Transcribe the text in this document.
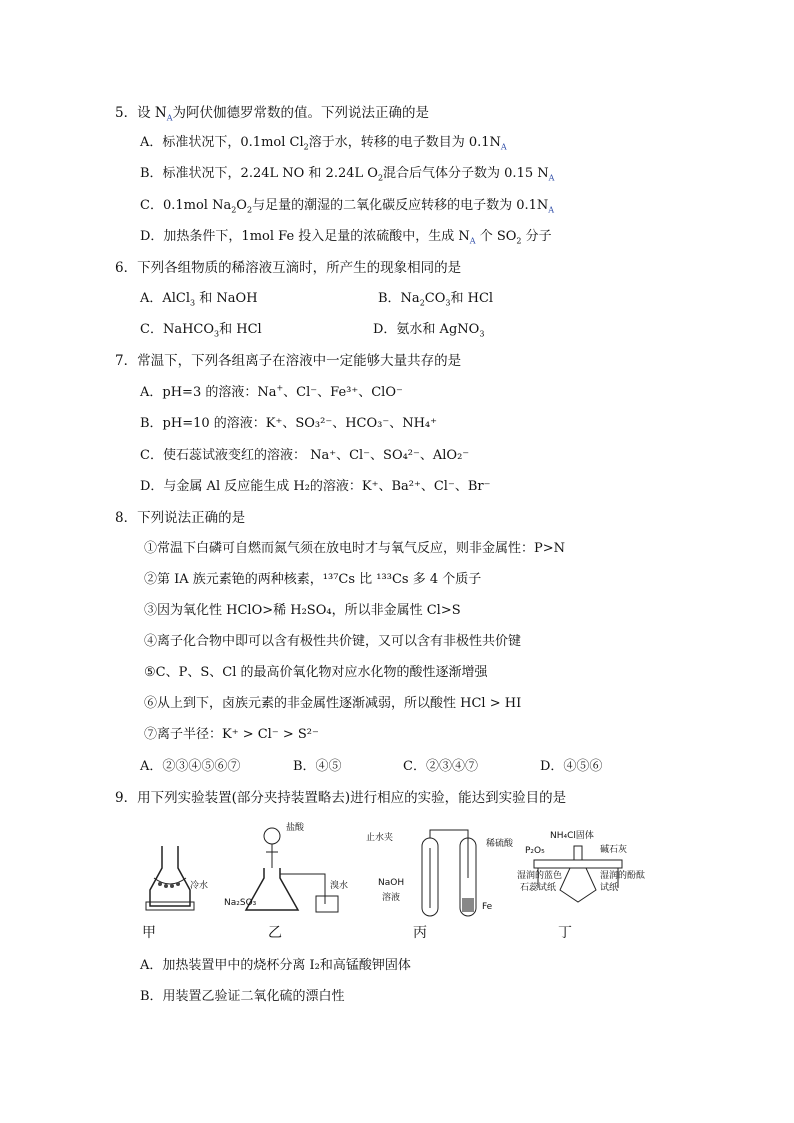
5．设 $N_A$为阿伏伽德罗常数的值。下列说法正确的是
A．标准状况下，0.1mol $Cl_2$溶于水，转移的电子数目为 $0.1N_A$
B．标准状况下，2.24L NO 和 2.24L $O_2$混合后气体分子数为 0.15 $N_A$
C．0.1mol $Na_2O_2$与足量的潮湿的二氧化碳反应转移的电子数为 $0.1N_A$
D．加热条件下，1mol Fe 投入足量的浓硫酸中，生成 $N_A$ 个 $SO_2$ 分子
6．下列各组物质的稀溶液互滴时，所产生的现象相同的是
A．AlCl$_3$ 和 NaOH	B．$Na_2CO_3$和 HCl
C．NaHCO$_3$和 HCl	D．氨水和 AgNO$_3$
7．常温下，下列各组离子在溶液中一定能够大量共存的是
A．pH=3 的溶液：Na+、Cl⁻、Fe³⁺、ClO⁻
B．pH=10 的溶液：K⁺、SO₃²⁻、HCO₃⁻、NH₄⁺
C．使石蕊试液变红的溶液： Na⁺、Cl⁻、SO₄²⁻、AlO₂⁻
D．与金属 Al 反应能生成 H₂的溶液：K⁺、Ba²⁺、Cl⁻、Br⁻
8．下列说法正确的是
①常温下白磷可自燃而氮气须在放电时才与氧气反应，则非金属性：P>N
②第 IA 族元素铯的两种核素，¹³⁷Cs 比 ¹³³Cs 多 4 个质子
③因为氧化性 HClO>稀 H₂SO₄，所以非金属性 Cl>S
④离子化合物中即可以含有极性共价键，又可以含有非极性共价键
⑤C、P、S、Cl 的最高价氧化物对应水化物的酸性逐渐增强
⑥从上到下，卤族元素的非金属性逐渐减弱，所以酸性 HCl > HI
⑦离子半径：K⁺ > Cl⁻ > S²⁻
A．②③④⑤⑥⑦	B．④⑤	C．②③④⑦	D．④⑤⑥
9．用下列实验装置(部分夹持装置略去)进行相应的实验，能达到实验目的是
冷水
甲
盐酸
Na₂SO₃
溴水
乙
止水夹
稀硫酸
NaOH
溶液
Fe
丙
NH₄Cl固体
P₂O₅	碱石灰
湿润的蓝色
石蕊试纸
湿润的酚酞
试纸
丁
A．加热装置甲中的烧杯分离 I₂和高锰酸钾固体
B．用装置乙验证二氧化硫的漂白性
